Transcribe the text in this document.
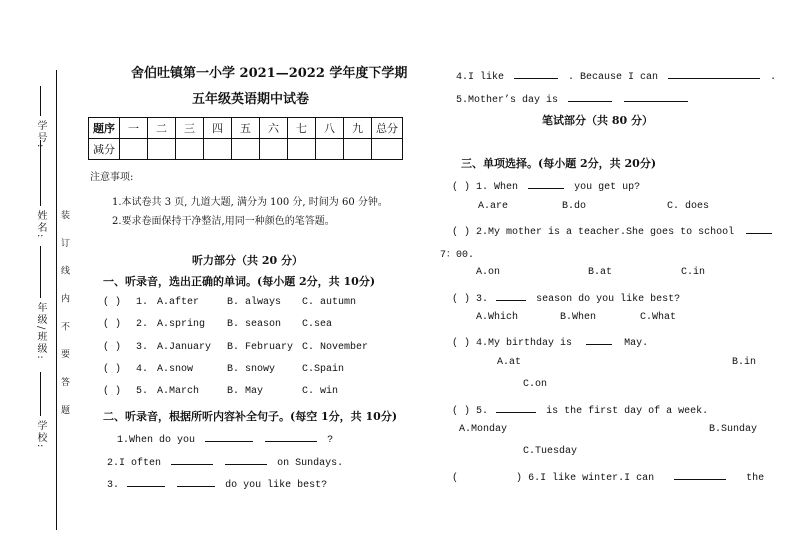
学号:
姓名: 装 订 线 内 不 要 答 题
年级/班级:
学校:
舍伯吐镇第一小学 2021—2022 学年度下学期
五年级英语期中试卷
题序	一	二	三	四	五	六	七	八	九	总分
减分										
注意事项:
1.本试卷共 3 页, 九道大题, 满分为 100 分, 时间为 60 分钟。
2.要求卷面保持干净整洁,用同一种颜色的笔答题。
听力部分（共 20 分）
一、听录音，选出正确的单词。(每小题 2分，共 10分)
( ) 1. A.after	B. always C. autumn
( ) 2. A.spring B. season C.sea
( ) 3. A.January B. February C. November
( ) 4. A.snow	B. snowy	C.Spain
( ) 5. A.March	B. May	C. win
二、听录音，根据所听内容补全句子。(每空 1分，共 10分)
1.When do you	?
2.I often	on Sundays.
3.	do you like best?
4.I like	. Because I can	.
5.Mother’s day is
笔试部分（共 80 分）
三、单项选择。(每小题 2分，共 20分)
( ) 1. When	you get up?
A.are	B.do	C. does
( ) 2.My mother is a teacher.She goes to school
7：00.
A.on	B.at	C.in
( ) 3.	season do you like best?
A.Which	B.When	C.What
( ) 4.My birthday is	May.
A.at	B.in
C.on
( ) 5.	is the first day of a week.
A.Monday	B.Sunday
C.Tuesday
(	) 6.I like winter.I can	the
